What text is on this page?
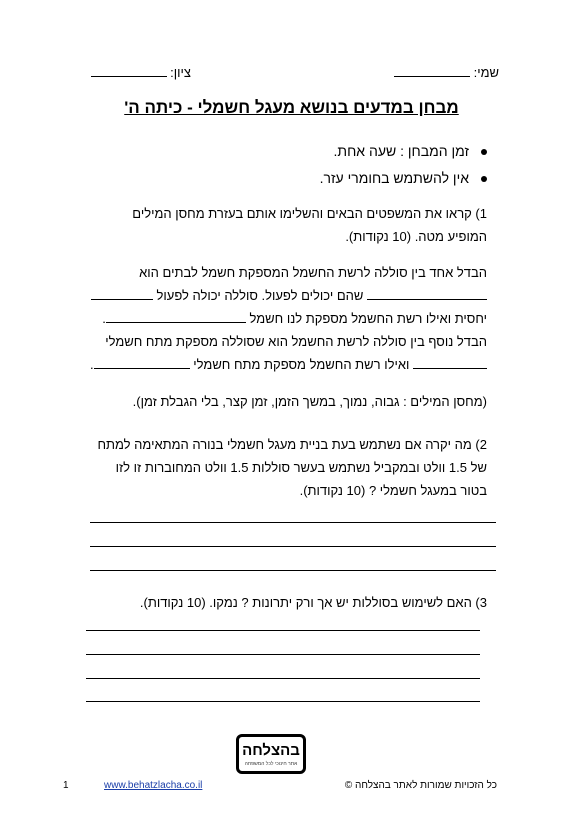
שמי:
ציון:
מבחן במדעים בנושא מעגל חשמלי - כיתה ה'
זמן המבחן : שעה אחת.
אין להשתמש בחומרי עזר.
1) קראו את המשפטים הבאים והשלימו אותם בעזרת מחסן המילים
המופיע מטה. (10 נקודות).
הבדל אחד בין סוללה לרשת החשמל המספקת חשמל לבתים הוא
שהם יכולים לפעול. סוללה יכולה לפעול
יחסית ואילו רשת החשמל מספקת לנו חשמל .
הבדל נוסף בין סוללה לרשת החשמל הוא שסוללה מספקת מתח חשמלי
ואילו רשת החשמל מספקת מתח חשמלי .
(מחסן המילים : גבוה, נמוך, במשך הזמן, זמן קצר, בלי הגבלת זמן).
2) מה יקרה אם נשתמש בעת בניית מעגל חשמלי בנורה המתאימה למתח
של 1.5 וולט ובמקביל נשתמש בעשר סוללות 1.5 וולט המחוברות זו לזו
בטור במעגל חשמלי ? (10 נקודות).
3) האם לשימוש בסוללות יש אך ורק יתרונות ? נמקו. (10 נקודות).
בהצלחה
אתר חינוכי לכל המשפחה
1	www.behatzlacha.co.il	כל הזכויות שמורות לאתר בהצלחה ©
